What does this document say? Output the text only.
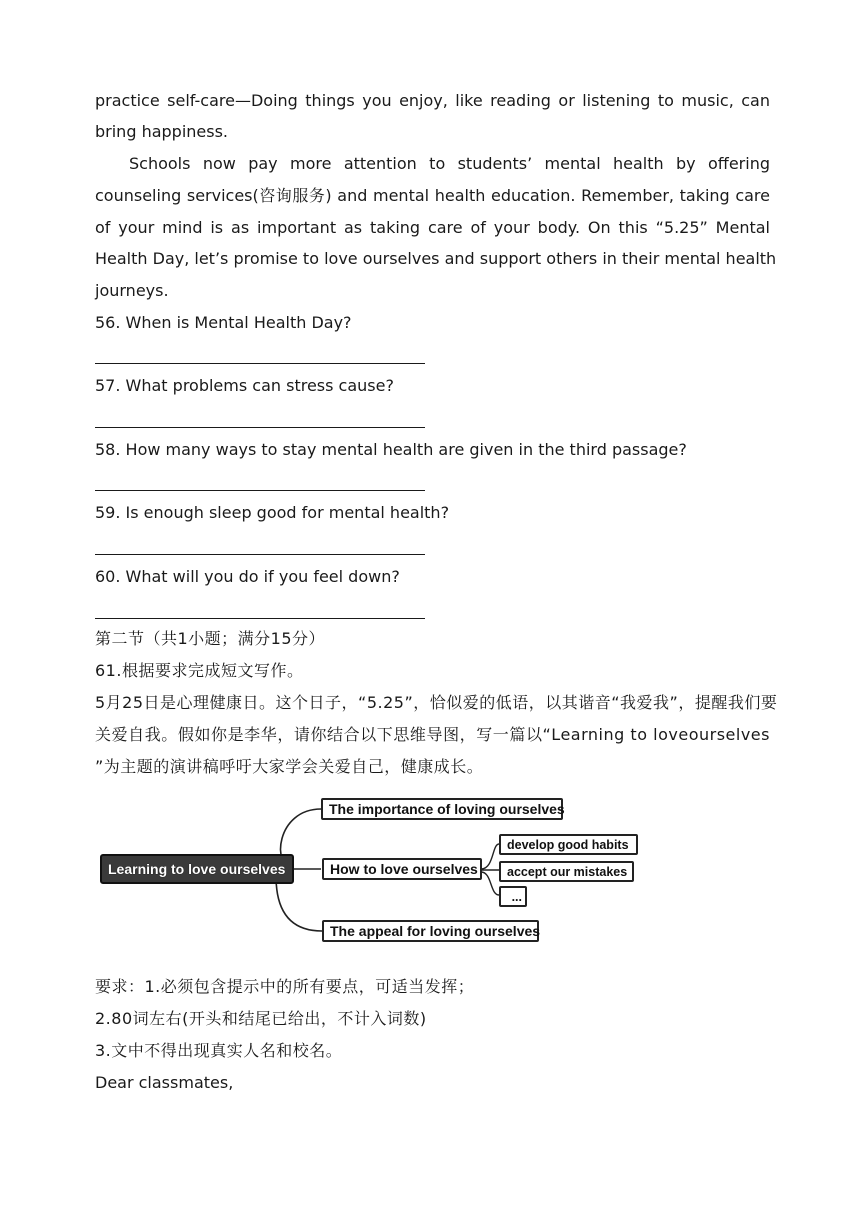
practice self-care—Doing things you enjoy, like reading or listening to music, can
bring happiness.
Schools now pay more attention to students’ mental health by offering
counseling services(咨询服务) and mental health education. Remember, taking care
of your mind is as important as taking care of your body. On this “5.25” Mental
Health Day, let’s promise to love ourselves and support others in their mental health
journeys.
56. When is Mental Health Day?
57. What problems can stress cause?
58. How many ways to stay mental health are given in the third passage?
59. Is enough sleep good for mental health?
60. What will you do if you feel down?
第二节（共1小题；满分15分）
61.根据要求完成短文写作。
5月25日是心理健康日。这个日子，“5.25”，恰似爱的低语，以其谐音“我爱我”，提醒我们要
关爱自我。假如你是李华，请你结合以下思维导图，写一篇以“Learning to loveourselves
”为主题的演讲稿呼吁大家学会关爱自己，健康成长。
Learning to love ourselves
The importance of loving ourselves
How to love ourselves
The appeal for loving ourselves
develop good habits
accept our mistakes
...
要求：1.必须包含提示中的所有要点，可适当发挥；
2.80词左右(开头和结尾已给出，不计入词数)
3.文中不得出现真实人名和校名。
Dear classmates,
